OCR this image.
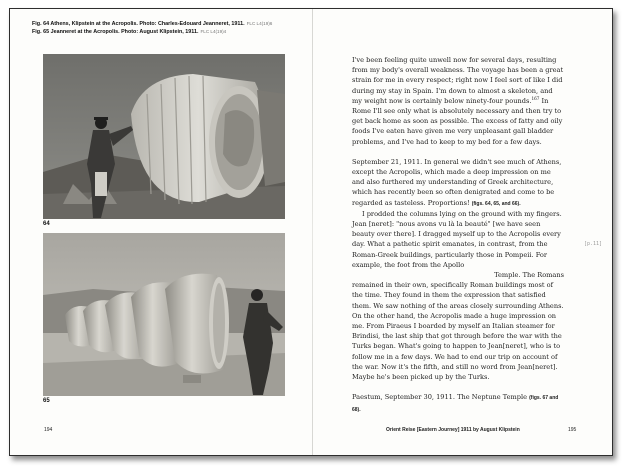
Fig. 64 Athens, Klipstein at the Acropolis. Photo: Charles-Edouard Jeanneret, 1911. FLC L4(19)6
Fig. 65 Jeanneret at the Acropolis. Photo: August Klipstein, 1911. FLC L4(19)4
64
65

I've been feeling quite unwell now for several days, resulting from my body's overall weakness. The voyage has been a great strain for me in every respect; right now I feel sort of like I did during my stay in Spain. I'm down to almost a skeleton, and my weight now is certainly below ninety-four pounds.$^{167}$ In Rome I'll see only what is absolutely necessary and then try to get back home as soon as possible. The excess of fatty and oily foods I've eaten have given me very unpleasant gall bladder problems, and I've had to keep to my bed for a few days.

September 21, 1911. In general we didn't see much of Athens, except the Acropolis, which made a deep impression on me and also furthered my understanding of Greek architecture, which has recently been so often denigrated and come to be regarded as tasteless. Proportions! (figs. 64, 65, and 66).

I prodded the columns lying on the ground with my fingers. Jean [neret]: "nous avons vu là la beauté" [we have seen beauty over there]. I dragged myself up to the Acropolis every day. What a pathetic spirit emanates, in contrast, from the Roman-Greek buildings, particularly those in Pompeii. For example, the foot from the Apollo

Temple. The Romans

remained in their own, specifically Roman buildings most of the time. They found in them the expression that satisfied them. We saw nothing of the areas closely surrounding Athens. On the other hand, the Acropolis made a huge impression on me. From Piraeus I boarded by myself an Italian steamer for Brindisi, the last ship that got through before the war with the Turks began. What's going to happen to Jean[neret], who is to follow me in a few days. We had to end our trip on account of the war. Now it's the fifth, and still no word from Jean[neret]. Maybe he's been picked up by the Turks.

Paestum, September 30, 1911. The Neptune Temple (figs. 67 and 68).

[p.11]
194	Orient Reise [Eastern Journey] 1911 by August Klipstein	195
